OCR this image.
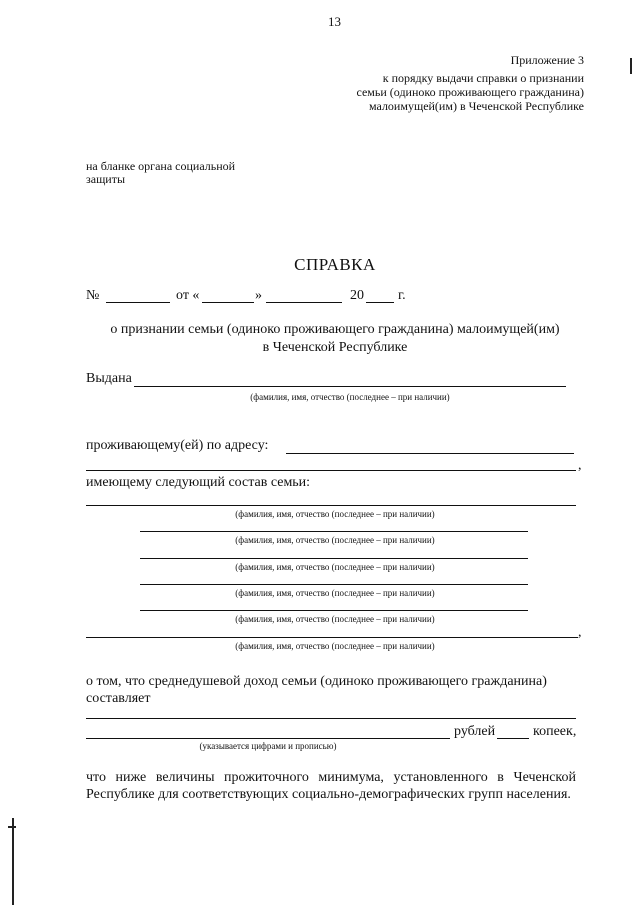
13
Приложение 3
к порядку выдачи справки о признании
семьи (одиноко проживающего гражданина)
малоимущей(им) в Чеченской Республике
на бланке органа социальной
защиты
СПРАВКА
№	от «	»	20 г.
о признании семьи (одиноко проживающего гражданина) малоимущей(им)
в Чеченской Республике
Выдана
(фамилия, имя, отчество (последнее – при наличии)
проживающему(ей) по адресу:
,
имеющему следующий состав семьи:
(фамилия, имя, отчество (последнее – при наличии)
(фамилия, имя, отчество (последнее – при наличии)
(фамилия, имя, отчество (последнее – при наличии)
(фамилия, имя, отчество (последнее – при наличии)
(фамилия, имя, отчество (последнее – при наличии)
,
(фамилия, имя, отчество (последнее – при наличии)
о том, что среднедушевой доход семьи (одиноко проживающего гражданина)
составляет
рублей	копеек,
(указывается цифрами и прописью)
что ниже величины прожиточного минимума, установленного в Чеченской
Республике для соответствующих социально-демографических групп населения.
